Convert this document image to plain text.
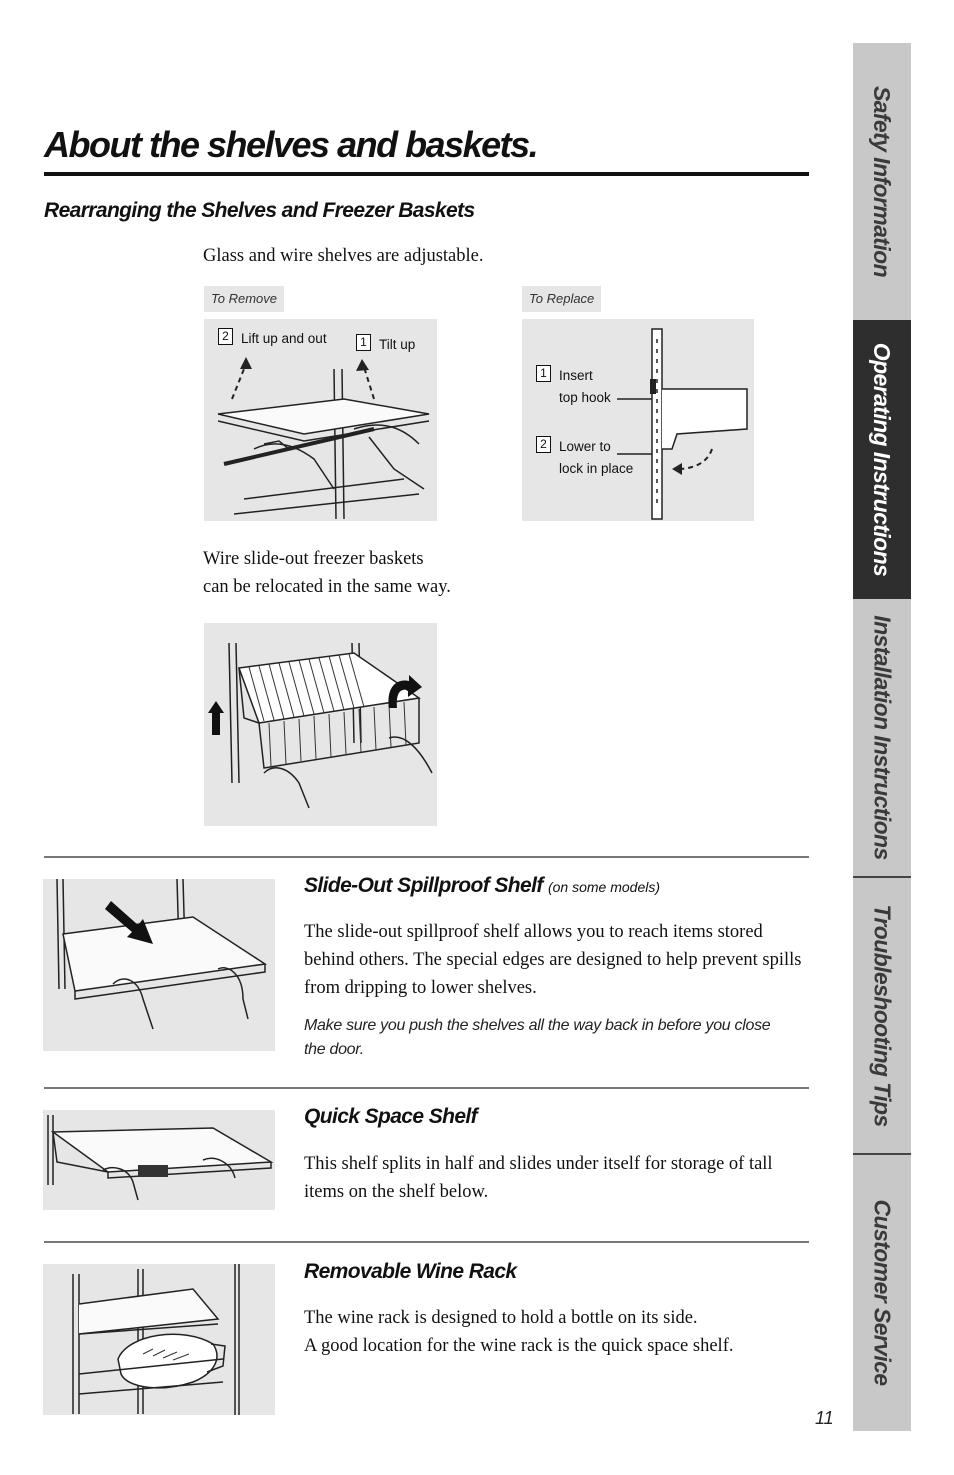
About the shelves and baskets.
Rearranging the Shelves and Freezer Baskets
Glass and wire shelves are adjustable.
To Remove
2 Lift up and out	1 Tilt up
To Replace
1 Insert
top hook
2 Lower to
lock in place
Wire slide-out freezer baskets
can be relocated in the same way.
Slide-Out Spillproof Shelf (on some models)
The slide-out spillproof shelf allows you to reach items stored behind others. The special edges are designed to help prevent spills from dripping to lower shelves.
Make sure you push the shelves all the way back in before you close the door.
Quick Space Shelf
This shelf splits in half and slides under itself for storage of tall items on the shelf below.
Removable Wine Rack
The wine rack is designed to hold a bottle on its side.
A good location for the wine rack is the quick space shelf.
11
Safety Information
Operating Instructions
Installation Instructions
Troubleshooting Tips
Customer Service
